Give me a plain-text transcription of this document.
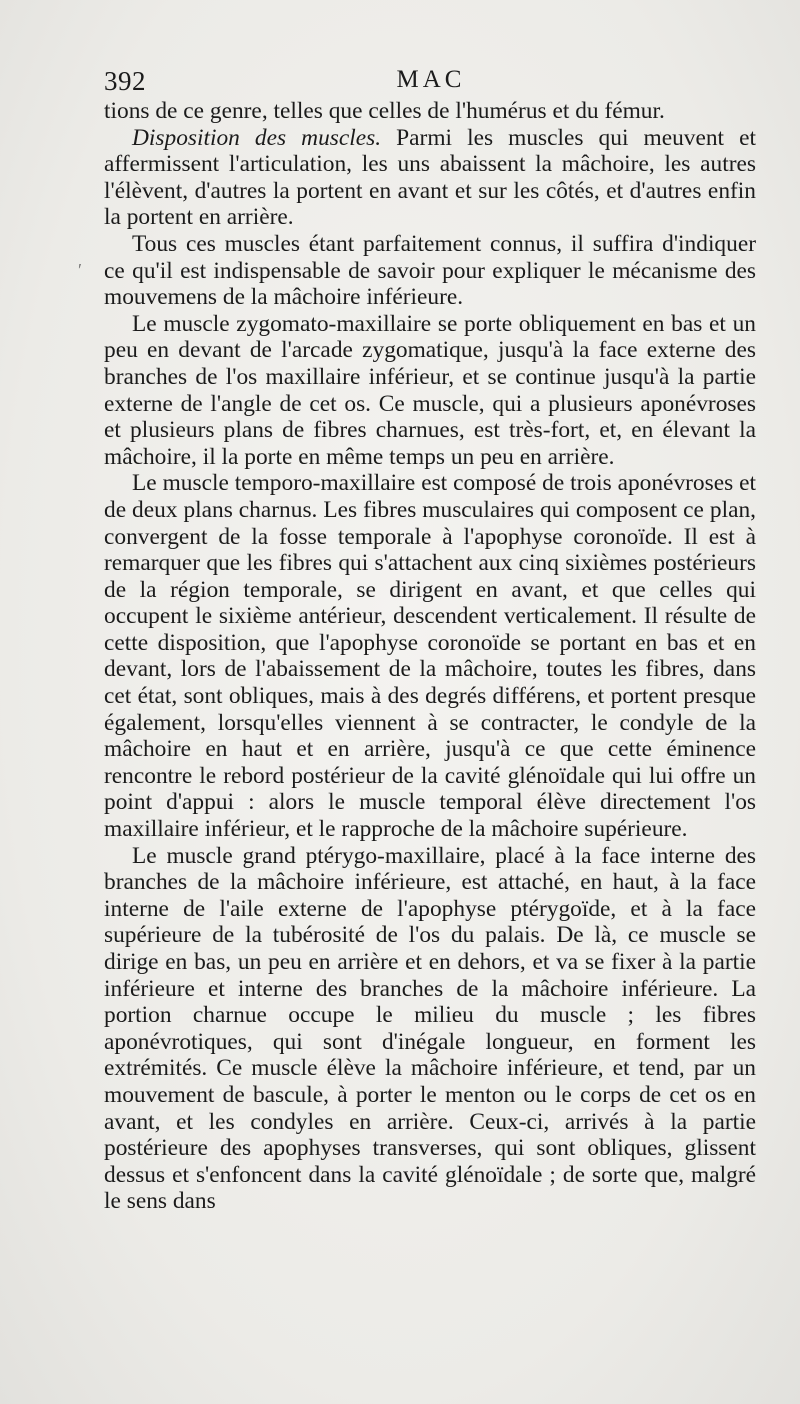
392	MAC
′

tions de ce genre, telles que celles de l'humérus et du fémur.

Disposition des muscles. Parmi les muscles qui meuvent et affermissent l'articulation, les uns abaissent la mâchoire, les autres l'élèvent, d'autres la portent en avant et sur les côtés, et d'autres enfin la portent en arrière.

Tous ces muscles étant parfaitement connus, il suffira d'indiquer ce qu'il est indispensable de savoir pour expliquer le mécanisme des mouvemens de la mâchoire inférieure.

Le muscle zygomato-maxillaire se porte obliquement en bas et un peu en devant de l'arcade zygomatique, jusqu'à la face externe des branches de l'os maxillaire inférieur, et se continue jusqu'à la partie externe de l'angle de cet os. Ce muscle, qui a plusieurs aponévroses et plusieurs plans de fibres charnues, est très-fort, et, en élevant la mâchoire, il la porte en même temps un peu en arrière.

Le muscle temporo-maxillaire est composé de trois aponévroses et de deux plans charnus. Les fibres musculaires qui composent ce plan, convergent de la fosse temporale à l'apophyse coronoïde. Il est à remarquer que les fibres qui s'attachent aux cinq sixièmes postérieurs de la région temporale, se dirigent en avant, et que celles qui occupent le sixième antérieur, descendent verticalement. Il résulte de cette disposition, que l'apophyse coronoïde se portant en bas et en devant, lors de l'abaissement de la mâchoire, toutes les fibres, dans cet état, sont obliques, mais à des degrés différens, et portent presque également, lorsqu'elles viennent à se contracter, le condyle de la mâchoire en haut et en arrière, jusqu'à ce que cette éminence rencontre le rebord postérieur de la cavité glénoïdale qui lui offre un point d'appui : alors le muscle temporal élève directement l'os maxillaire inférieur, et le rapproche de la mâchoire supérieure.

Le muscle grand ptérygo-maxillaire, placé à la face interne des branches de la mâchoire inférieure, est attaché, en haut, à la face interne de l'aile externe de l'apophyse ptérygoïde, et à la face supérieure de la tubérosité de l'os du palais. De là, ce muscle se dirige en bas, un peu en arrière et en dehors, et va se fixer à la partie inférieure et interne des branches de la mâchoire inférieure. La portion charnue occupe le milieu du muscle ; les fibres aponévrotiques, qui sont d'inégale longueur, en forment les extrémités. Ce muscle élève la mâchoire inférieure, et tend, par un mouvement de bascule, à porter le menton ou le corps de cet os en avant, et les condyles en arrière. Ceux-ci, arrivés à la partie postérieure des apophyses transverses, qui sont obliques, glissent dessus et s'enfoncent dans la cavité glénoïdale ; de sorte que, malgré le sens dans
